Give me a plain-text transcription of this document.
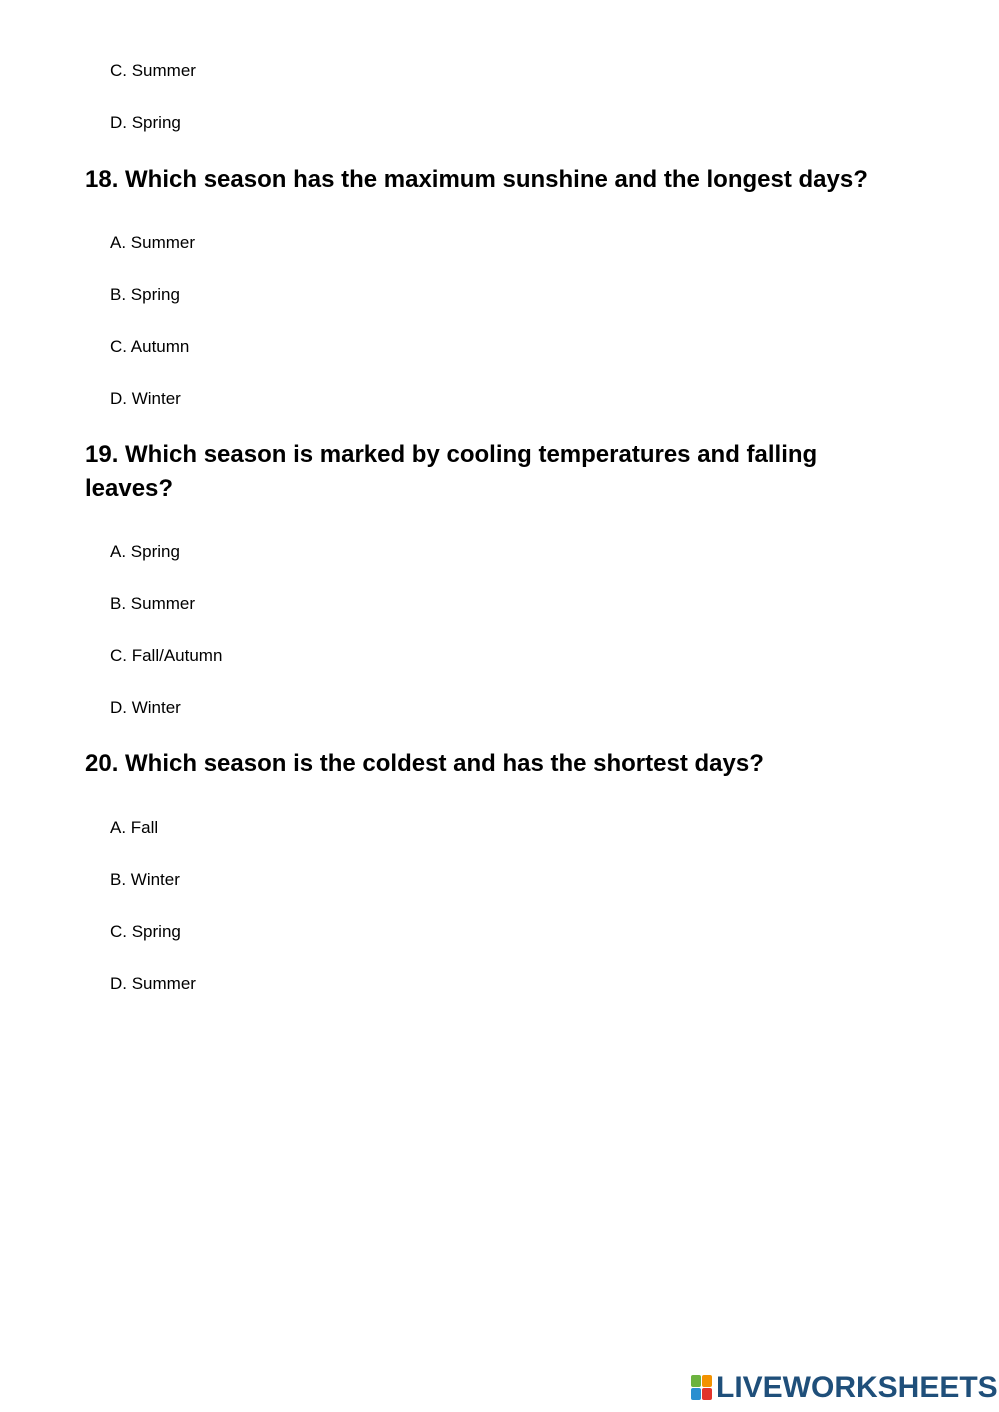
C. Summer
D. Spring
18. Which season has the maximum sunshine and the longest days?
A. Summer
B. Spring
C. Autumn
D. Winter
19. Which season is marked by cooling temperatures and falling leaves?
A. Spring
B. Summer
C. Fall/Autumn
D. Winter
20. Which season is the coldest and has the shortest days?
A. Fall
B. Winter
C. Spring
D. Summer
LIVEWORKSHEETS
